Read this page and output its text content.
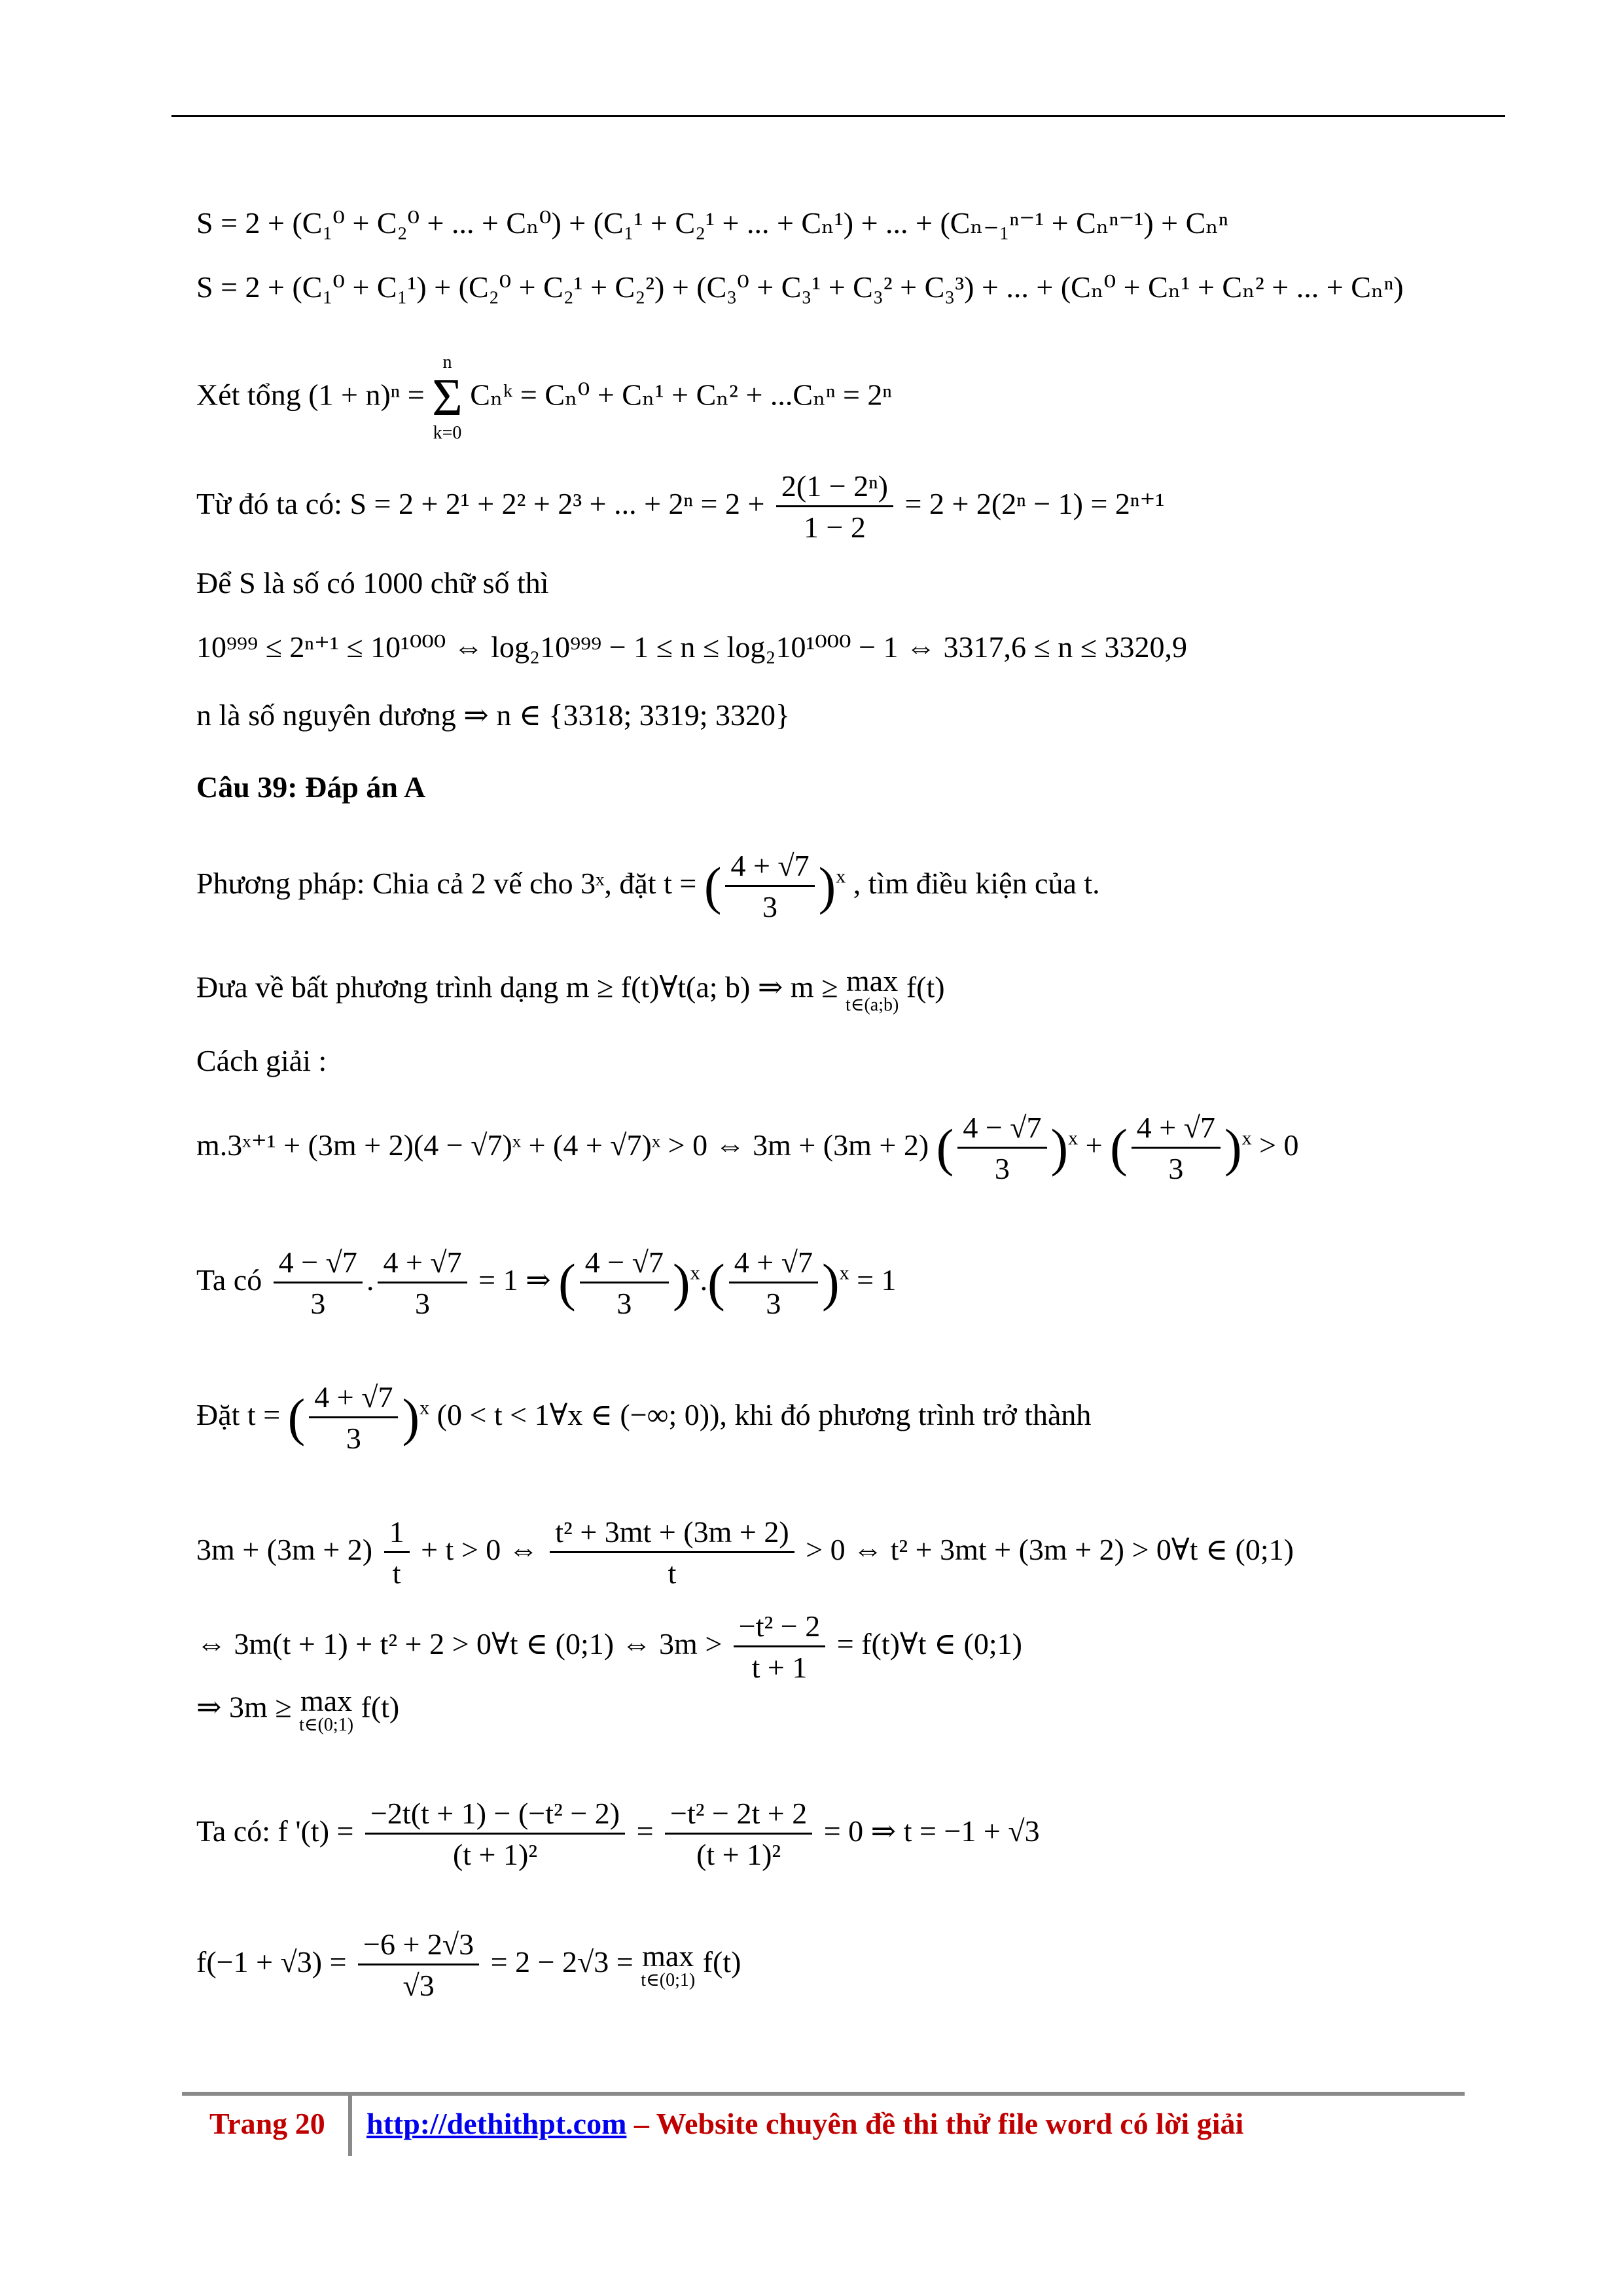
S = 2 + (C₁⁰ + C₂⁰ + ... + Cₙ⁰) + (C₁¹ + C₂¹ + ... + Cₙ¹) + ... + (Cₙ₋₁ⁿ⁻¹ + Cₙⁿ⁻¹) + Cₙⁿ
S = 2 + (C₁⁰ + C₁¹) + (C₂⁰ + C₂¹ + C₂²) + (C₃⁰ + C₃¹ + C₃² + C₃³) + ... + (Cₙ⁰ + Cₙ¹ + Cₙ² + ... + Cₙⁿ)
Xét tổng (1 + n)ⁿ =
n
Σ
k=0
Cₙᵏ = Cₙ⁰ + Cₙ¹ + Cₙ² + ...Cₙⁿ = 2ⁿ
Từ đó ta có: S = 2 + 2¹ + 2² + 2³ + ... + $2^n = 2 + \frac{\text{2(1 − 2ⁿ)}}{1 - 2} = 2 + 2(2^n - 1) = 2^{n+1}$
Để S là số có 1000 chữ số thì
10⁹⁹⁹ ≤ 2ⁿ⁺¹ ≤ 10¹⁰⁰⁰ ⇔ log₂10⁹⁹⁹ − 1 ≤ n ≤ log₂10¹⁰⁰⁰ − 1 ⇔ 3317,6 ≤ n ≤ 3320,9
n là số nguyên dương ⇒ n ∈ {3318; 3319; 3320}
Câu 39: Đáp án A
Phương pháp: Chia cả 2 vế cho 3ˣ, đặt t = ( $\frac{4 + √7}{3} )^x$ , tìm điều kiện của t.
Đưa về bất phương trình dạng m ≥ f(t)∀t(a; b) ⇒ m ≥ max
t∈(a;b)
f(t)
Cách giải :
m.3ˣ⁺¹ + (3m + 2)(4 − √7)ˣ + (4 + √7)ˣ > 0 ⇔ 3m + (3m + 2) ( $\frac{4 - √7}{3} )^x$ + ( $\frac{4 + √7}{3} )^x > 0$
Ta có $\frac{4 - √7}{3}$ . $\frac{4 + √7}{3} = 1$ ⇒ ( $\frac{4 - √7}{3} )^x.( \frac{4 + √7}{3} )^x = 1$
Đặt t = ( $\frac{4 + √7}{3} )^x$ (0 < t < 1∀x ∈ (−∞; 0)), khi đó phương trình trở thành
$3m + (3m + 2) \frac{1}{t} + t > 0$ ⇔ $\frac{\text{t² + 3mt + (3m + 2)}}{t} > 0$ ⇔ t² + 3mt + (3m + 2) > 0∀t ∈ (0;1)
⇔ 3m(t + 1) + t² + 2 > 0∀t ∈ (0;1) ⇔ $3m > \frac{\text{−t² − 2}}{t + 1}$ = f(t)∀t ∈ (0;1)
⇒ 3m ≥ max
t∈(0;1)
f(t)
Ta có: f '$(t) = \frac{\text{−2t(t + 1) − (−t² − 2)}}{\text{(t + 1)²}} = \frac{\text{−t² − 2t + 2}}{\text{(t + 1)²}} = 0$ ⇒ t = −1 + √3
$f(-1 + √3) = \frac{-6 + 2√3}{√3} = 2 - 2√3 = \max$
t∈(0;1)
f(t)
Trang 20 http://dethithpt.com – Website chuyên đề thi thử file word có lời giải
